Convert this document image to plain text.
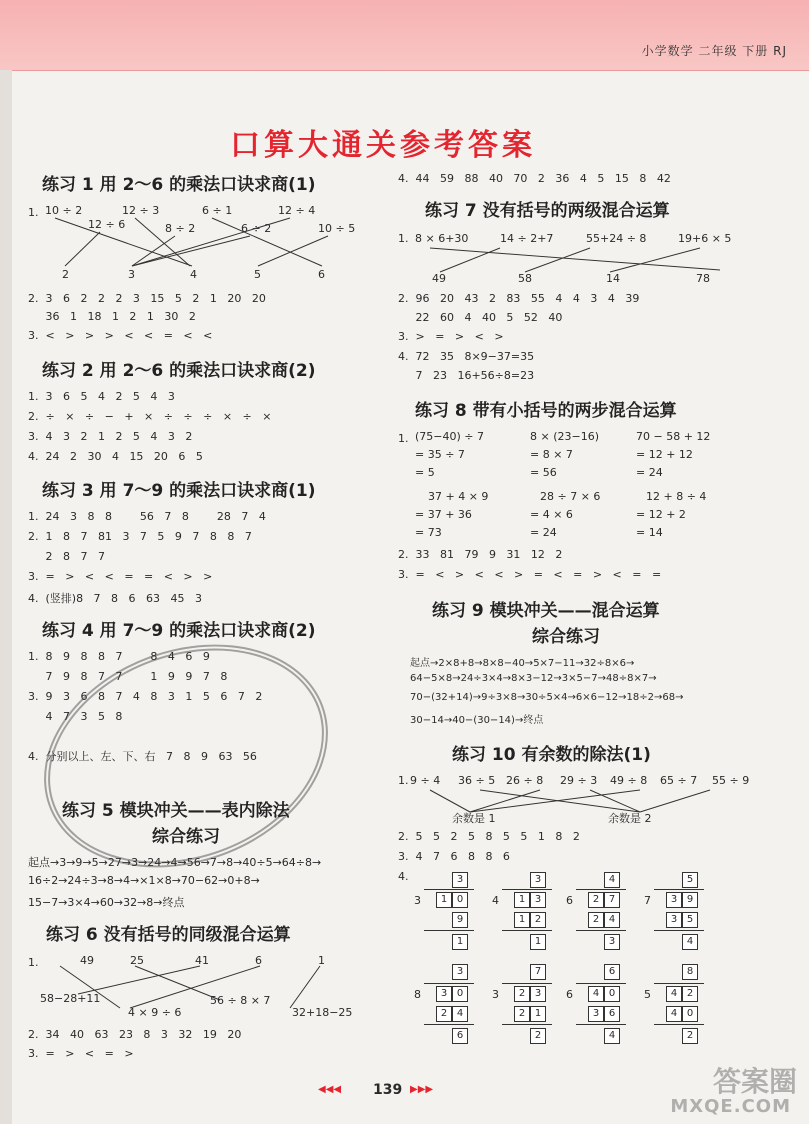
小学数学 二年级 下册 RJ
口算大通关参考答案
练习 1 用 2～6 的乘法口诀求商(1)
1. 10 ÷ 2
12 ÷ 6
12 ÷ 3
8 ÷ 2
6 ÷ 1
6 ÷ 2
12 ÷ 4
10 ÷ 5
2	3	4	5	6
2.  3   6   2   2   2   3   15   5   2   1   20   20
36   1   18   1   2   1   30   2
3.  <   >   >   >   <   <   =   <   <
练习 2 用 2～6 的乘法口诀求商(2)
1.  3   6   5   4   2   5   4   3
2.  ÷   ×   ÷   −   +   ×   ÷   ÷   ÷   ×   ÷   ×
3.  4   3   2   1   2   5   4   3   2
4.  24   2   30   4   15   20   6   5
练习 3 用 7～9 的乘法口诀求商(1)
1.  24   3   8   8        56   7   8        28   7   4
2.  1   8   7   81   3   7   5   9   7   8   8   7
2   8   7   7
3.  =   >   <   <   =   =   <   >   >
4.  (竖排)8   7   8   6   63   45   3
练习 4 用 7～9 的乘法口诀求商(2)
1.  8   9   8   8   7        8   4   6   9
7   9   8   7   7        1   9   9   7   8
3.  9   3   6   8   7   4   8   3   1   5   6   7   2
4   7   3   5   8
4.  分别以上、左、下、右   7   8   9   63   56
练习 5 模块冲关——表内除法
综合练习
起点→3→9→5→27→3→24→4→56→7→8→40÷5→64÷8→
16÷2→24÷3→8→4→×1×8→70−62→0+8→
15−7→3×4→60→32→8→终点
练习 6 没有括号的同级混合运算
1.	49	25	41	6	1
58−28+11
4 × 9 ÷ 6
56 ÷ 8 × 7
32+18−25
2.  34   40   63   23   8   3   32   19   20
3.  =   >   <   =   >
4.  44   59   88   40   70   2   36   4   5   15   8   42
练习 7 没有括号的两级混合运算
1. 8 × 6+30	14 ÷ 2+7	55+24 ÷ 8	19+6 × 5
49	58	14	78
2.  96   20   43   2   83   55   4   4   3   4   39
22   60   4   40   5   52   40
3.  >   =   >   <   >
4.  72   35   8×9−37=35
7   23   16+56÷8=23
练习 8 带有小括号的两步混合运算
1. (75−40) ÷ 7
= 35 ÷ 7
= 5
37 + 4 × 9
= 37 + 36
= 73
8 × (23−16)
= 8 × 7
= 56
28 ÷ 7 × 6
= 4 × 6
= 24
70 − 58 + 12
= 12 + 12
= 24
12 + 8 ÷ 4
= 12 + 2
= 14
2.  33   81   79   9   31   12   2
3.  =   <   >   <   <   >   =   <   =   >   <   =   =
练习 9 模块冲关——混合运算
综合练习
起点→2×8+8→8×8−40→5×7−11→32÷8×6→
64−5×8→24÷3×4→8×3−12→3×5−7→48÷8×7→
70−(32+14)→9÷3×8→30÷5×4→6×6−12→18÷2→68→
30−14→40−(30−14)→终点
练习 10 有余数的除法(1)
1. 9 ÷ 4 36 ÷ 5 26 ÷ 8 29 ÷ 3 49 ÷ 8 65 ÷ 7 55 ÷ 9
余数是 1	余数是 2
2.  5   5   2   5   8   5   5   1   8   2
3.  4   7   6   8   8   6
4.	3
3	1 0
9
1
3
4	1 3
1 2
1
4
6	2 7
2 4
3
5
7	3 9
3 5
4
3
8	3 0
2 4
6
7
3	2 3
2 1
2
6
6	4 0
3 6
4
8
5	4 2
4 0
2
◀◀◀ 139 ▶▶▶	答案圈
MXQE.COM
